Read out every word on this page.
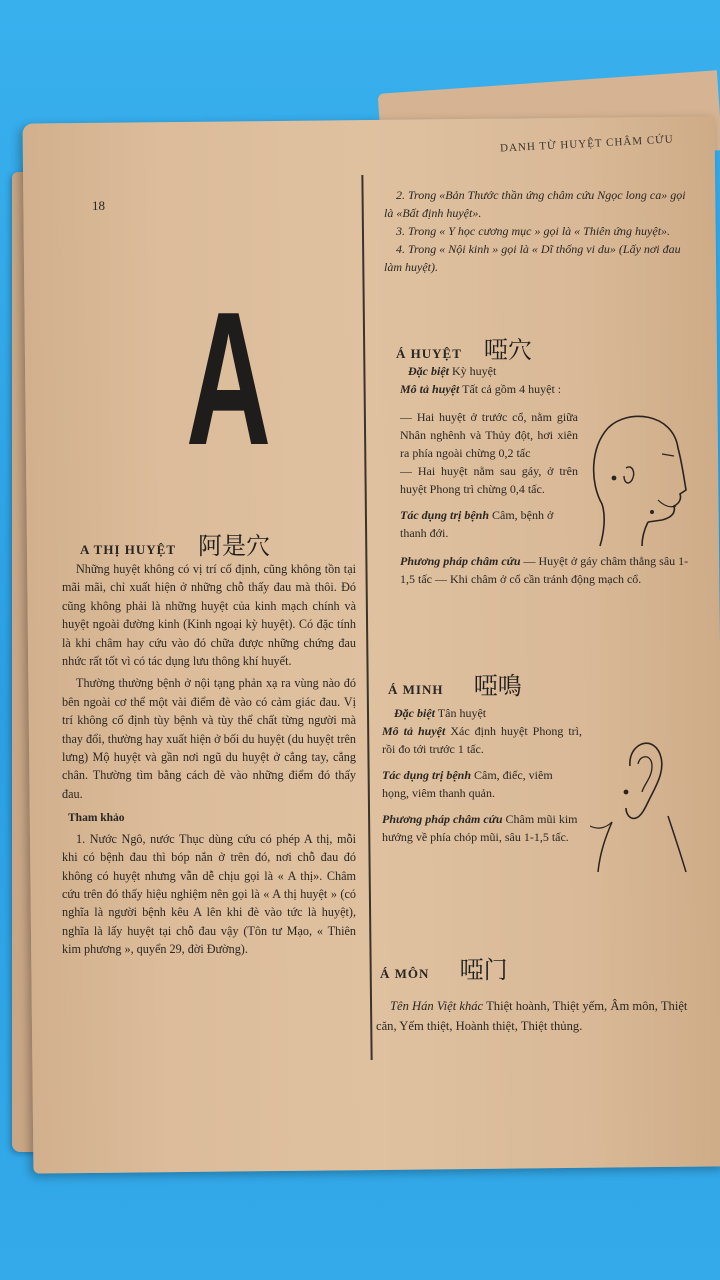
DANH TỪ HUYỆT CHÂM CỨU
18
A
A THỊ HUYỆT 阿是穴

Những huyệt không có vị trí cố định, cũng không tồn tại mãi mãi, chỉ xuất hiện ở những chỗ thấy đau mà thôi. Đó cũng không phải là những huyệt của kinh mạch chính và huyệt ngoài đường kinh (Kinh ngoại kỳ huyệt). Có đặc tính là khi châm hay cứu vào đó chữa được những chứng đau nhức rất tốt vì có tác dụng lưu thông khí huyết.

Thường thường bệnh ở nội tạng phản xạ ra vùng nào đó bên ngoài cơ thể một vài điểm đè vào có cảm giác đau. Vị trí không cố định tùy bệnh và tùy thể chất từng người mà thay đổi, thường hay xuất hiện ở bối du huyệt (du huyệt trên lưng) Mộ huyệt và gần nơi ngũ du huyệt ở cẳng tay, cẳng chân. Thường tìm bằng cách đè vào những điểm đó thấy đau.

Tham khảo

1. Nước Ngô, nước Thục dùng cứu có phép A thị, mỗi khi có bệnh đau thì bóp nắn ở trên đó, nơi chỗ đau đó không có huyệt nhưng vẫn dễ chịu gọi là « A thị». Châm cứu trên đó thấy hiệu nghiệm nên gọi là « A thị huyệt » (có nghĩa là người bệnh kêu A lên khi đè vào tức là huyệt), nghĩa là lấy huyệt tại chỗ đau vậy (Tôn tư Mạo, « Thiên kim phương », quyển 29, đời Đường).

2. Trong «Bản Thước thần ứng châm cứu Ngọc long ca» gọi là «Bất định huyệt».

3. Trong « Y học cương mục » gọi là « Thiên ứng huyệt».

4. Trong « Nội kinh » gọi là « Dĩ thống vi du» (Lấy nơi đau làm huyệt).

Á HUYỆT 啞穴

Đặc biệt Kỳ huyệt

Mô tả huyệt Tất cả gồm 4 huyệt :

— Hai huyệt ở trước cổ, nằm giữa Nhân nghênh và Thủy đột, hơi xiên ra phía ngoài chừng 0,2 tấc

— Hai huyệt nằm sau gáy, ở trên huyệt Phong trì chừng 0,4 tấc.

Tác dụng trị bệnh Câm, bệnh ở thanh đới.

Phương pháp châm cứu — Huyệt ở gáy châm thẳng sâu 1-1,5 tấc — Khi châm ở cổ cần tránh động mạch cổ.

Á MINH 啞鳴

Đặc biệt Tân huyệt

Mô tả huyệt Xác định huyệt Phong trì, rồi đo tới trước 1 tấc.

Tác dụng trị bệnh Câm, điếc, viêm họng, viêm thanh quản.

Phương pháp châm cứu Châm mũi kim hướng về phía chóp mũi, sâu 1-1,5 tấc.

Á MÔN 啞门

Tên Hán Việt khác Thiệt hoành, Thiệt yếm, Âm môn, Thiệt căn, Yếm thiệt, Hoành thiệt, Thiệt thủng.
